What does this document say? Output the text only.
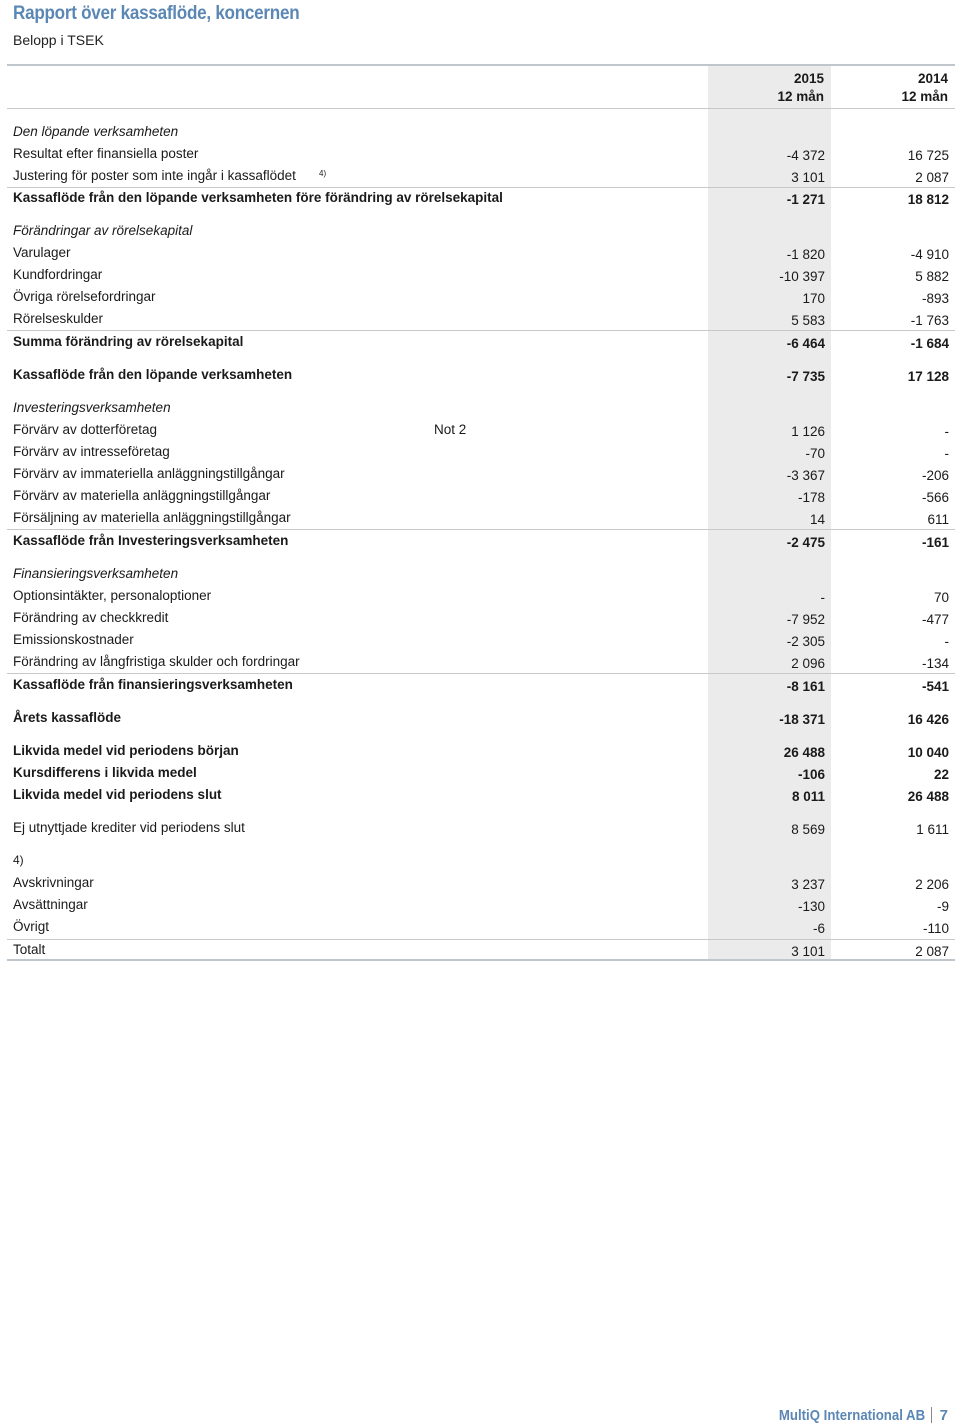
Rapport över kassaflöde, koncernen
Belopp i TSEK
2015
12 mån
2014
12 mån
Den löpande verksamheten
Resultat efter finansiella poster	-4 372	16 725
Justering för poster som inte ingår i kassaflödet	4)	3 101	2 087
Kassaflöde från den löpande verksamheten före förändring av rörelsekapital	-1 271	18 812
Förändringar av rörelsekapital
Varulager	-1 820	-4 910
Kundfordringar	-10 397	5 882
Övriga rörelsefordringar	170	-893
Rörelseskulder	5 583	-1 763
Summa förändring av rörelsekapital	-6 464	-1 684
Kassaflöde från den löpande verksamheten	-7 735	17 128
Investeringsverksamheten
Förvärv av dotterföretag	Not 2	1 126	-
Förvärv av intresseföretag	-70	-
Förvärv av immateriella anläggningstillgångar	-3 367	-206
Förvärv av materiella anläggningstillgångar	-178	-566
Försäljning av materiella anläggningstillgångar	14	611
Kassaflöde från Investeringsverksamheten	-2 475	-161
Finansieringsverksamheten
Optionsintäkter, personaloptioner	-	70
Förändring av checkkredit	-7 952	-477
Emissionskostnader	-2 305	-
Förändring av långfristiga skulder och fordringar	2 096	-134
Kassaflöde från finansieringsverksamheten	-8 161	-541
Årets kassaflöde	-18 371	16 426
Likvida medel vid periodens början	26 488	10 040
Kursdifferens i likvida medel	-106	22
Likvida medel vid periodens slut	8 011	26 488
Ej utnyttjade krediter vid periodens slut	8 569	1 611
4)
Avskrivningar	3 237	2 206
Avsättningar	-130	-9
Övrigt	-6	-110
Totalt	3 101	2 087
MultiQ International AB 7
